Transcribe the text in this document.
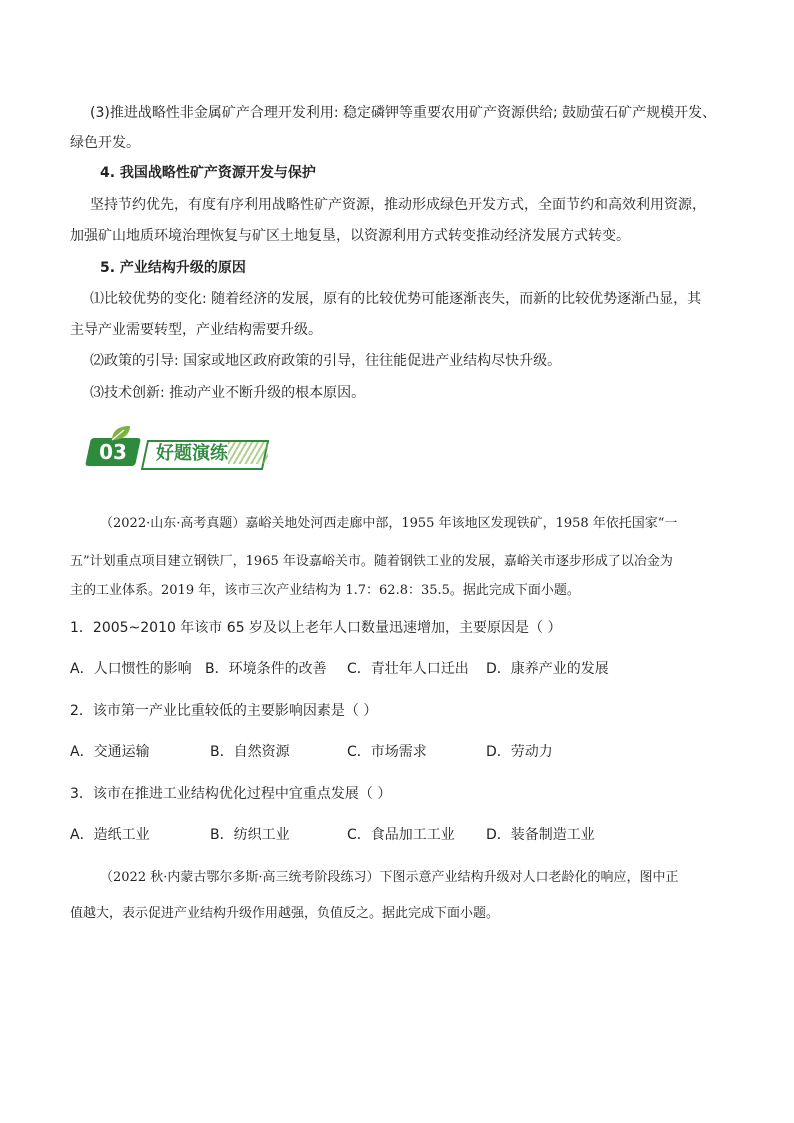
(3)推进战略性非金属矿产合理开发利用: 稳定磷钾等重要农用矿产资源供给; 鼓励萤石矿产规模开发、
绿色开发。
4. 我国战略性矿产资源开发与保护
坚持节约优先，有度有序利用战略性矿产资源，推动形成绿色开发方式，全面节约和高效利用资源，
加强矿山地质环境治理恢复与矿区土地复垦，以资源利用方式转变推动经济发展方式转变。
5. 产业结构升级的原因
⑴比较优势的变化: 随着经济的发展，原有的比较优势可能逐渐丧失，而新的比较优势逐渐凸显，其
主导产业需要转型，产业结构需要升级。
⑵政策的引导: 国家或地区政府政策的引导，往往能促进产业结构尽快升级。
⑶技术创新: 推动产业不断升级的根本原因。
03	好题演练
（2022·山东·高考真题）嘉峪关地处河西走廊中部，1955 年该地区发现铁矿，1958 年依托国家“一
五”计划重点项目建立钢铁厂，1965 年设嘉峪关市。随着钢铁工业的发展，嘉峪关市逐步形成了以冶金为
主的工业体系。2019 年，该市三次产业结构为 1.7：62.8：35.5。据此完成下面小题。
1．2005~2010 年该市 65 岁及以上老年人口数量迅速增加，主要原因是（ ）
A．人口惯性的影响 B．环境条件的改善 C．青壮年人口迁出 D．康养产业的发展
2．该市第一产业比重较低的主要影响因素是（ ）
A．交通运输	B．自然资源	C．市场需求	D．劳动力
3．该市在推进工业结构优化过程中宜重点发展（ ）
A．造纸工业	B．纺织工业	C．食品加工工业 D．装备制造工业
（2022 秋·内蒙古鄂尔多斯·高三统考阶段练习）下图示意产业结构升级对人口老龄化的响应，图中正
值越大，表示促进产业结构升级作用越强，负值反之。据此完成下面小题。
